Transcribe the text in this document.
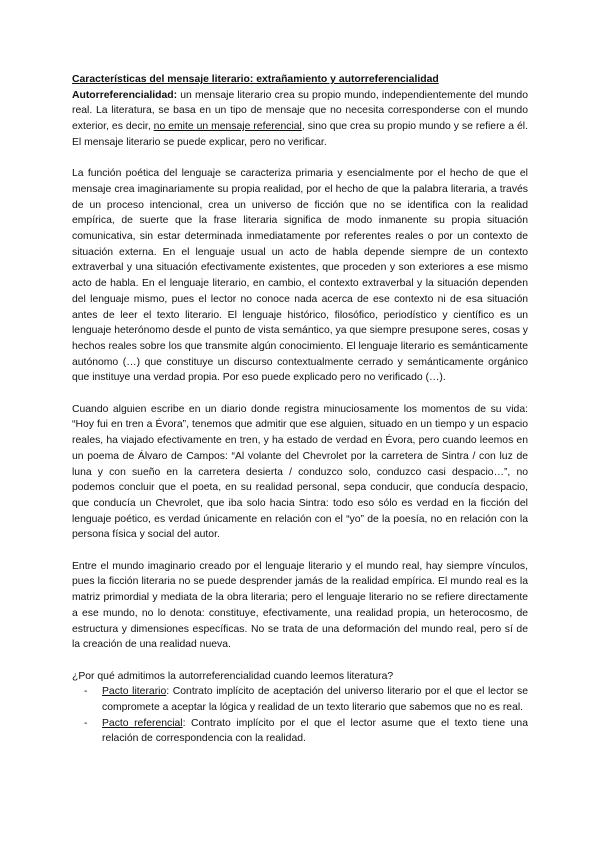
Características del mensaje literario: extrañamiento y autorreferencialidad

Autorreferencialidad: un mensaje literario crea su propio mundo, independientemente del mundo real. La literatura, se basa en un tipo de mensaje que no necesita corresponderse con el mundo exterior, es decir, no emite un mensaje referencial, sino que crea su propio mundo y se refiere a él. El mensaje literario se puede explicar, pero no verificar.

La función poética del lenguaje se caracteriza primaria y esencialmente por el hecho de que el mensaje crea imaginariamente su propia realidad, por el hecho de que la palabra literaria, a través de un proceso intencional, crea un universo de ficción que no se identifica con la realidad empírica, de suerte que la frase literaria significa de modo inmanente su propia situación comunicativa, sin estar determinada inmediatamente por referentes reales o por un contexto de situación externa. En el lenguaje usual un acto de habla depende siempre de un contexto extraverbal y una situación efectivamente existentes, que proceden y son exteriores a ese mismo acto de habla. En el lenguaje literario, en cambio, el contexto extraverbal y la situación dependen del lenguaje mismo, pues el lector no conoce nada acerca de ese contexto ni de esa situación antes de leer el texto literario. El lenguaje histórico, filosófico, periodístico y científico es un lenguaje heterónomo desde el punto de vista semántico, ya que siempre presupone seres, cosas y hechos reales sobre los que transmite algún conocimiento. El lenguaje literario es semánticamente autónomo (…) que constituye un discurso contextualmente cerrado y semánticamente orgánico que instituye una verdad propia. Por eso puede explicado pero no verificado (…).

Cuando alguien escribe en un diario donde registra minuciosamente los momentos de su vida: “Hoy fui en tren a Évora”, tenemos que admitir que ese alguien, situado en un tiempo y un espacio reales, ha viajado efectivamente en tren, y ha estado de verdad en Évora, pero cuando leemos en un poema de Álvaro de Campos: “Al volante del Chevrolet por la carretera de Sintra / con luz de luna y con sueño en la carretera desierta / conduzco solo, conduzco casi despacio…”, no podemos concluir que el poeta, en su realidad personal, sepa conducir, que conducía despacio, que conducía un Chevrolet, que iba solo hacia Sintra: todo eso sólo es verdad en la ficción del lenguaje poético, es verdad únicamente en relación con el “yo” de la poesía, no en relación con la persona física y social del autor.

Entre el mundo imaginario creado por el lenguaje literario y el mundo real, hay siempre vínculos, pues la ficción literaria no se puede desprender jamás de la realidad empírica. El mundo real es la matriz primordial y mediata de la obra literaria; pero el lenguaje literario no se refiere directamente a ese mundo, no lo denota: constituye, efectivamente, una realidad propia, un heterocosmo, de estructura y dimensiones específicas. No se trata de una deformación del mundo real, pero sí de la creación de una realidad nueva.

¿Por qué admitimos la autorreferencialidad cuando leemos literatura?

- Pacto literario: Contrato implícito de aceptación del universo literario por el que el lector se compromete a aceptar la lógica y realidad de un texto literario que sabemos que no es real.
- Pacto referencial: Contrato implícito por el que el lector asume que el texto tiene una relación de correspondencia con la realidad.
